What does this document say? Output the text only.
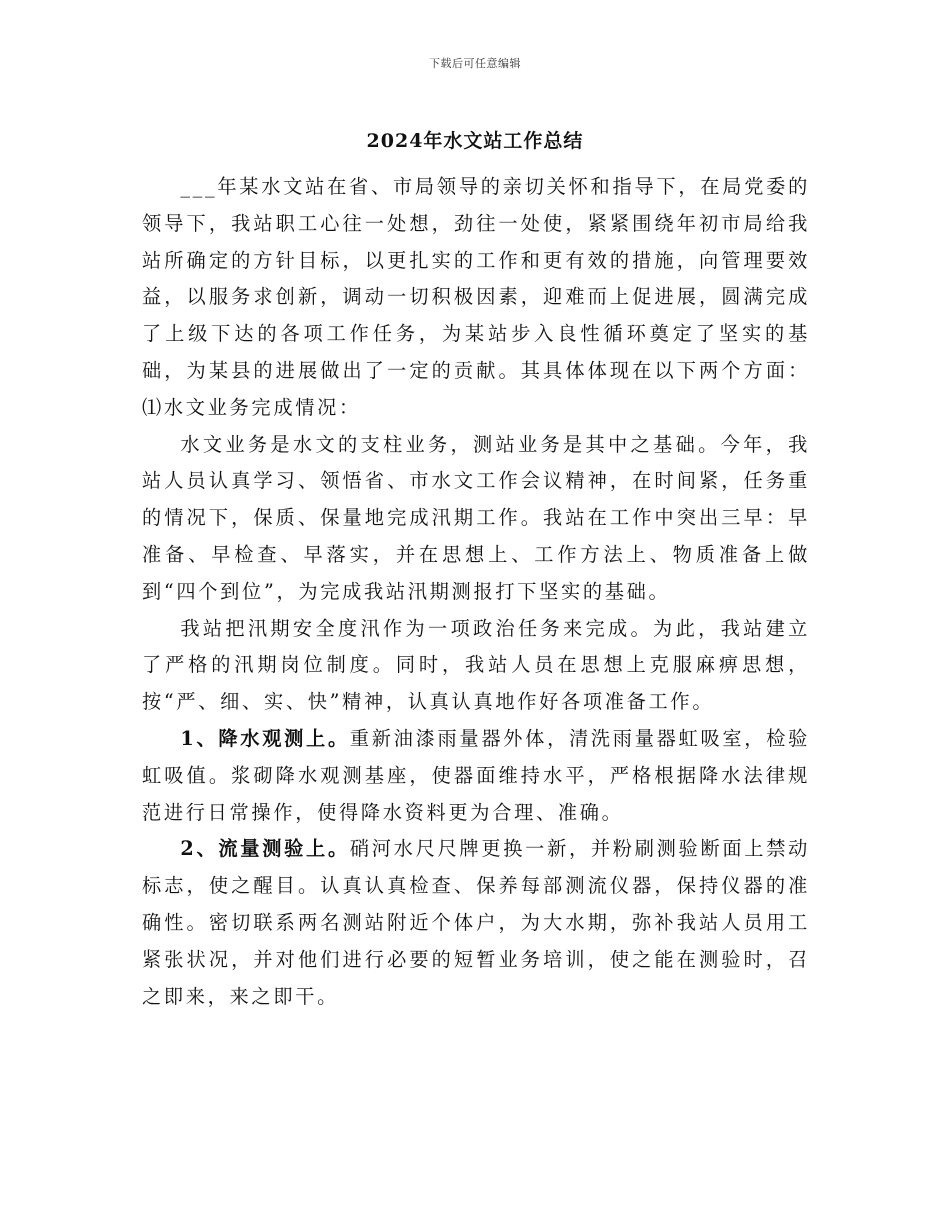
下载后可任意编辑
2024年水文站工作总结

___年某水文站在省、市局领导的亲切关怀和指导下，在局党委的领导下，我站职工心往一处想，劲往一处使，紧紧围绕年初市局给我站所确定的方针目标，以更扎实的工作和更有效的措施，向管理要效益，以服务求创新，调动一切积极因素，迎难而上促进展，圆满完成了上级下达的各项工作任务，为某站步入良性循环奠定了坚实的基础，为某县的进展做出了一定的贡献。其具体体现在以下两个方面：⑴水文业务完成情况：

水文业务是水文的支柱业务，测站业务是其中之基础。今年，我站人员认真学习、领悟省、市水文工作会议精神，在时间紧，任务重的情况下，保质、保量地完成汛期工作。我站在工作中突出三早：早准备、早检查、早落实，并在思想上、工作方法上、物质准备上做到“四个到位”，为完成我站汛期测报打下坚实的基础。

我站把汛期安全度汛作为一项政治任务来完成。为此，我站建立了严格的汛期岗位制度。同时，我站人员在思想上克服麻痹思想，按“严、细、实、快”精神，认真认真地作好各项准备工作。

1、降水观测上。重新油漆雨量器外体，清洗雨量器虹吸室，检验虹吸值。浆砌降水观测基座，使器面维持水平，严格根据降水法律规范进行日常操作，使得降水资料更为合理、准确。

2、流量测验上。硝河水尺尺牌更换一新，并粉刷测验断面上禁动标志，使之醒目。认真认真检查、保养每部测流仪器，保持仪器的准确性。密切联系两名测站附近个体户，为大水期，弥补我站人员用工紧张状况，并对他们进行必要的短暂业务培训，使之能在测验时，召之即来，来之即干。
